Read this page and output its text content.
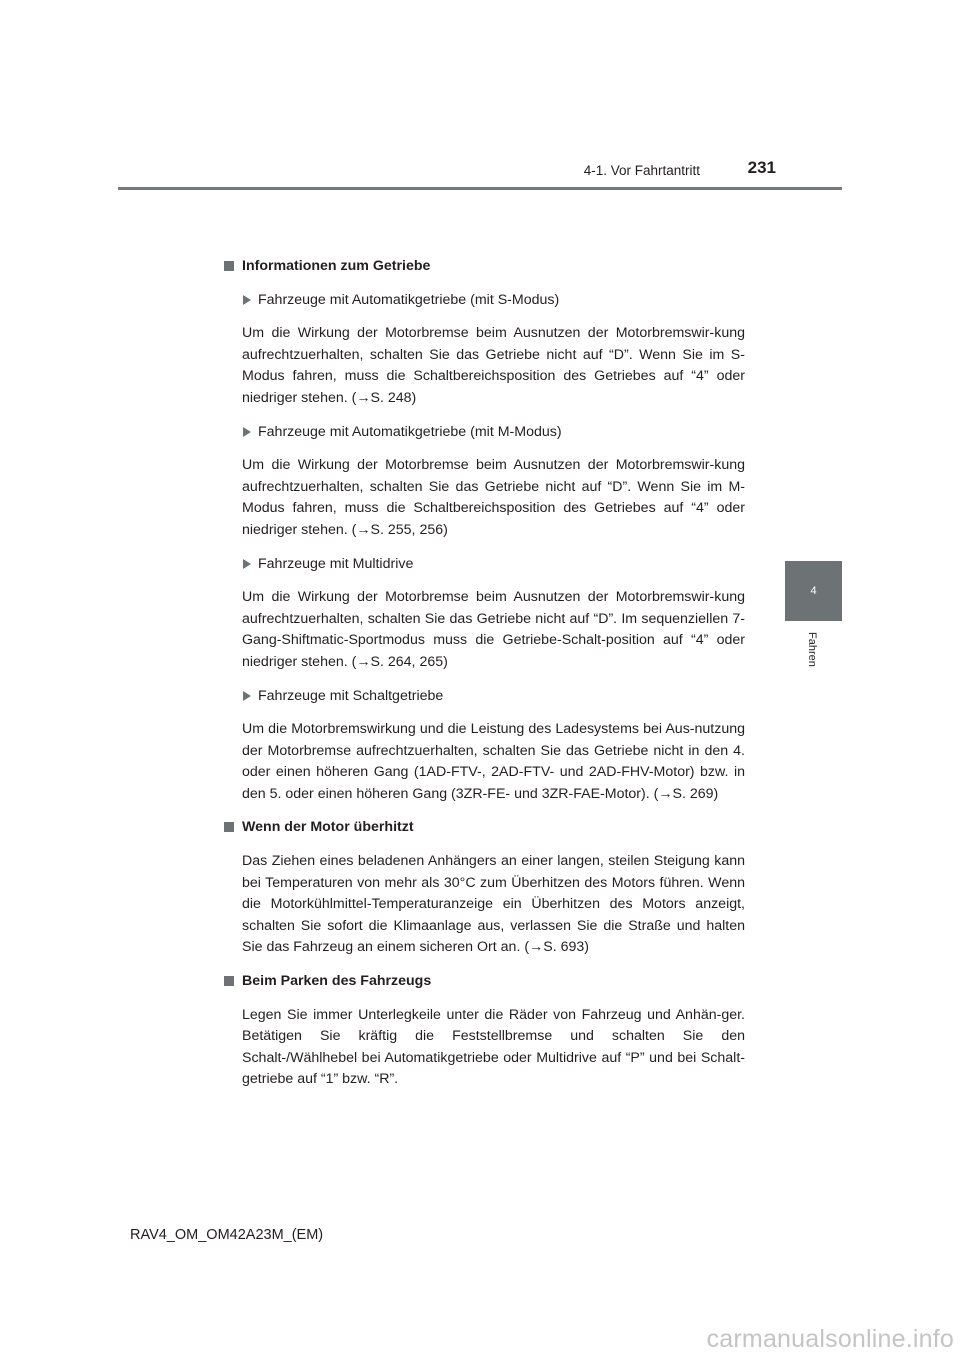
4-1. Vor Fahrtantritt	231
4
Fahren
Informationen zum Getriebe
Fahrzeuge mit Automatikgetriebe (mit S-Modus)
Um die Wirkung der Motorbremse beim Ausnutzen der Motorbremswir-kung aufrechtzuerhalten, schalten Sie das Getriebe nicht auf “D”. Wenn Sie im S-Modus fahren, muss die Schaltbereichsposition des Getriebes auf “4” oder niedriger stehen. (→S. 248)
Fahrzeuge mit Automatikgetriebe (mit M-Modus)
Um die Wirkung der Motorbremse beim Ausnutzen der Motorbremswir-kung aufrechtzuerhalten, schalten Sie das Getriebe nicht auf “D”. Wenn Sie im M-Modus fahren, muss die Schaltbereichsposition des Getriebes auf “4” oder niedriger stehen. (→S. 255, 256)
Fahrzeuge mit Multidrive
Um die Wirkung der Motorbremse beim Ausnutzen der Motorbremswir-kung aufrechtzuerhalten, schalten Sie das Getriebe nicht auf “D”. Im sequenziellen 7-Gang-Shiftmatic-Sportmodus muss die Getriebe-Schalt-position auf “4” oder niedriger stehen. (→S. 264, 265)
Fahrzeuge mit Schaltgetriebe
Um die Motorbremswirkung und die Leistung des Ladesystems bei Aus-nutzung der Motorbremse aufrechtzuerhalten, schalten Sie das Getriebe nicht in den 4. oder einen höheren Gang (1AD-FTV-, 2AD-FTV- und 2AD-FHV-Motor) bzw. in den 5. oder einen höheren Gang (3ZR-FE- und 3ZR-FAE-Motor). (→S. 269)
Wenn der Motor überhitzt
Das Ziehen eines beladenen Anhängers an einer langen, steilen Steigung kann bei Temperaturen von mehr als 30°C zum Überhitzen des Motors führen. Wenn die Motorkühlmittel-Temperaturanzeige ein Überhitzen des Motors anzeigt, schalten Sie sofort die Klimaanlage aus, verlassen Sie die Straße und halten Sie das Fahrzeug an einem sicheren Ort an. (→S. 693)
Beim Parken des Fahrzeugs
Legen Sie immer Unterlegkeile unter die Räder von Fahrzeug und Anhän-ger. Betätigen Sie kräftig die Feststellbremse und schalten Sie den Schalt-/Wählhebel bei Automatikgetriebe oder Multidrive auf “P” und bei Schalt-getriebe auf “1” bzw. “R”.
RAV4_OM_OM42A23M_(EM)
carmanualsonline.info
